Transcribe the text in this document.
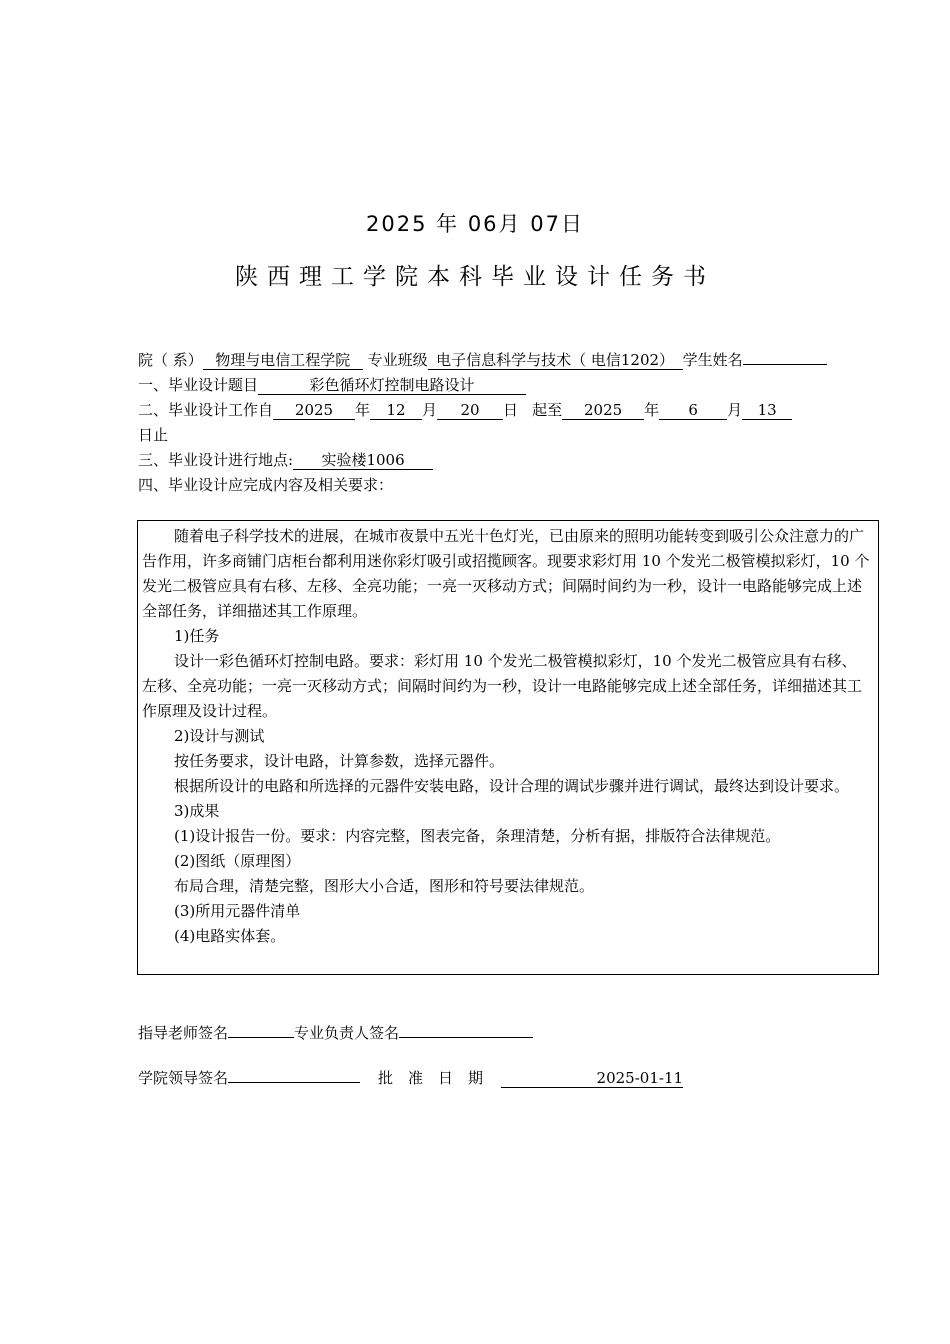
2025 年 06月 07日
陕西理工学院本科毕业设计任务书
院（ 系） 物理与电信工程学院 专业班级 电子信息科学与技术（ 电信1202） 学生姓名
一、毕业设计题目	彩色循环灯控制电路设计
二、毕业设计工作自 2025 年 12 月 20 日 起至 2025 年 6 月 13
日止
三、毕业设计进行地点: 实验楼1006
四、毕业设计应完成内容及相关要求：

随着电子科学技术的进展，在城市夜景中五光十色灯光，已由原来的照明功能转变到吸引公众注意力的广告作用，许多商铺门店柜台都利用迷你彩灯吸引或招揽顾客。现要求彩灯用 10 个发光二极管模拟彩灯，10 个发光二极管应具有右移、左移、全亮功能；一亮一灭移动方式；间隔时间约为一秒，设计一电路能够完成上述全部任务，详细描述其工作原理。

1)任务

设计一彩色循环灯控制电路。要求：彩灯用 10 个发光二极管模拟彩灯，10 个发光二极管应具有右移、左移、全亮功能；一亮一灭移动方式；间隔时间约为一秒，设计一电路能够完成上述全部任务，详细描述其工作原理及设计过程。

2)设计与测试

按任务要求，设计电路，计算参数，选择元器件。

根据所设计的电路和所选择的元器件安装电路，设计合理的调试步骤并进行调试，最终达到设计要求。

3)成果

(1)设计报告一份。要求：内容完整，图表完备，条理清楚，分析有据，排版符合法律规范。

(2)图纸（原理图）

布局合理，清楚完整，图形大小合适，图形和符号要法律规范。

(3)所用元器件清单

(4)电路实体套。

指导老师签名	专业负责人签名
学院领导签名	批　准　日　期	2025-01-11
